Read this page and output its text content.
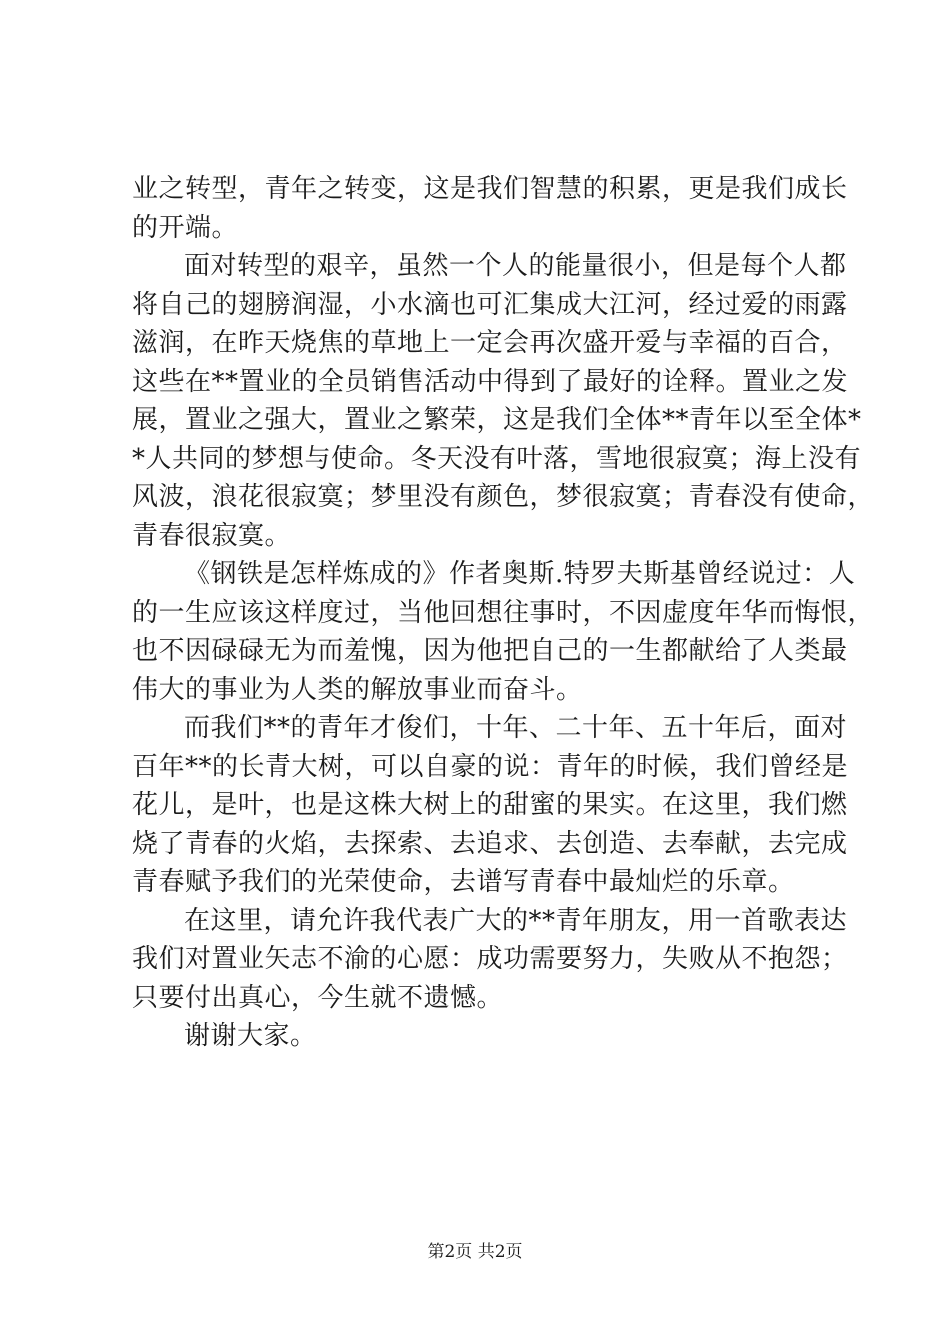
业之转型，青年之转变，这是我们智慧的积累，更是我们成长
的开端。
面对转型的艰辛，虽然一个人的能量很小，但是每个人都
将自己的翅膀润湿，小水滴也可汇集成大江河，经过爱的雨露
滋润，在昨天烧焦的草地上一定会再次盛开爱与幸福的百合，
这些在**置业的全员销售活动中得到了最好的诠释。置业之发
展，置业之强大，置业之繁荣，这是我们全体**青年以至全体*
*人共同的梦想与使命。冬天没有叶落，雪地很寂寞；海上没有
风波，浪花很寂寞；梦里没有颜色，梦很寂寞；青春没有使命，
青春很寂寞。
《钢铁是怎样炼成的》作者奥斯.特罗夫斯基曾经说过：人
的一生应该这样度过，当他回想往事时，不因虚度年华而悔恨，
也不因碌碌无为而羞愧，因为他把自己的一生都献给了人类最
伟大的事业为人类的解放事业而奋斗。
而我们**的青年才俊们，十年、二十年、五十年后，面对
百年**的长青大树，可以自豪的说：青年的时候，我们曾经是
花儿，是叶，也是这株大树上的甜蜜的果实。在这里，我们燃
烧了青春的火焰，去探索、去追求、去创造、去奉献，去完成
青春赋予我们的光荣使命，去谱写青春中最灿烂的乐章。
在这里，请允许我代表广大的**青年朋友，用一首歌表达
我们对置业矢志不渝的心愿：成功需要努力，失败从不抱怨；
只要付出真心，今生就不遗憾。
谢谢大家。
第2页 共2页
